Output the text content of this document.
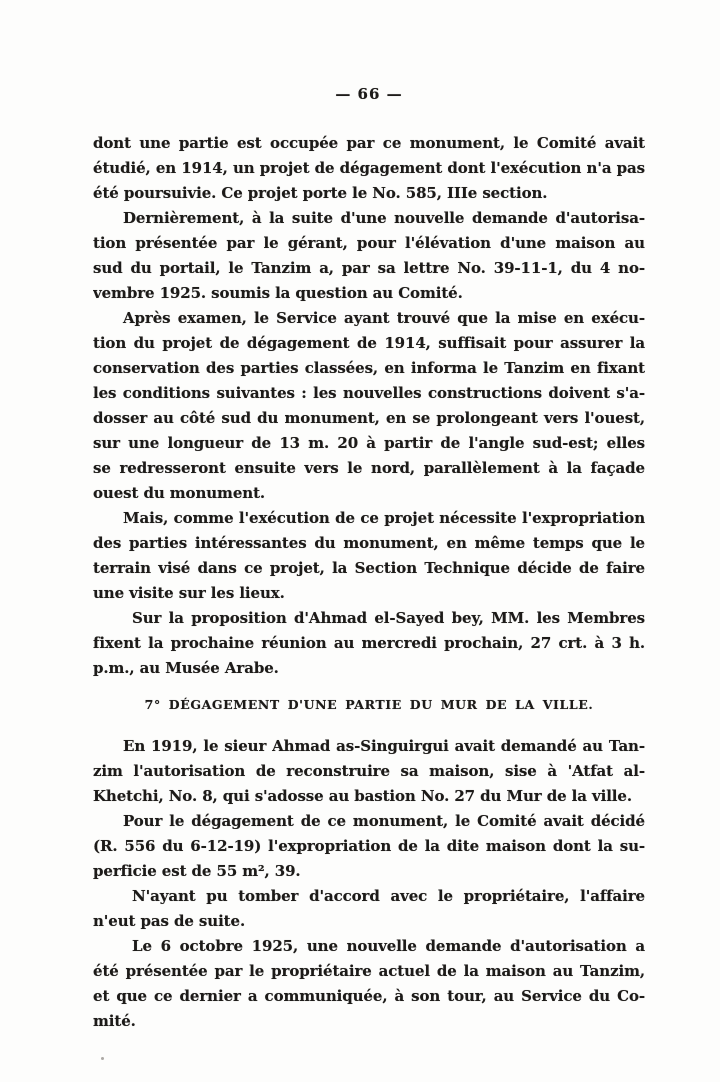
— 66 —
dont une partie est occupée par ce monument, le Comité avait
étudié, en 1914, un projet de dégagement dont l'exécution n'a pas
été poursuivie. Ce projet porte le No. 585, IIIe section.
Dernièrement, à la suite d'une nouvelle demande d'autorisa-
tion présentée par le gérant, pour l'élévation d'une maison au
sud du portail, le Tanzim a, par sa lettre No. 39-11-1, du 4 no-
vembre 1925. soumis la question au Comité.
Après examen, le Service ayant trouvé que la mise en exécu-
tion du projet de dégagement de 1914, suffisait pour assurer la
conservation des parties classées, en informa le Tanzim en fixant
les conditions suivantes : les nouvelles constructions doivent s'a-
dosser au côté sud du monument, en se prolongeant vers l'ouest,
sur une longueur de 13 m. 20 à partir de l'angle sud-est; elles
se redresseront ensuite vers le nord, parallèlement à la façade
ouest du monument.
Mais, comme l'exécution de ce projet nécessite l'expropriation
des parties intéressantes du monument, en même temps que le
terrain visé dans ce projet, la Section Technique décide de faire
une visite sur les lieux.
Sur la proposition d'Ahmad el-Sayed bey, MM. les Membres
fixent la prochaine réunion au mercredi prochain, 27 crt. à 3 h.
p.m., au Musée Arabe.
7° DÉGAGEMENT D'UNE PARTIE DU MUR DE LA VILLE.
En 1919, le sieur Ahmad as-Singuirgui avait demandé au Tan-
zim l'autorisation de reconstruire sa maison, sise à 'Atfat al-
Khetchi, No. 8, qui s'adosse au bastion No. 27 du Mur de la ville.
Pour le dégagement de ce monument, le Comité avait décidé
(R. 556 du 6-12-19) l'expropriation de la dite maison dont la su-
perficie est de 55 m², 39.
N'ayant pu tomber d'accord avec le propriétaire, l'affaire
n'eut pas de suite.
Le 6 octobre 1925, une nouvelle demande d'autorisation a
été présentée par le propriétaire actuel de la maison au Tanzim,
et que ce dernier a communiquée, à son tour, au Service du Co-
mité.
